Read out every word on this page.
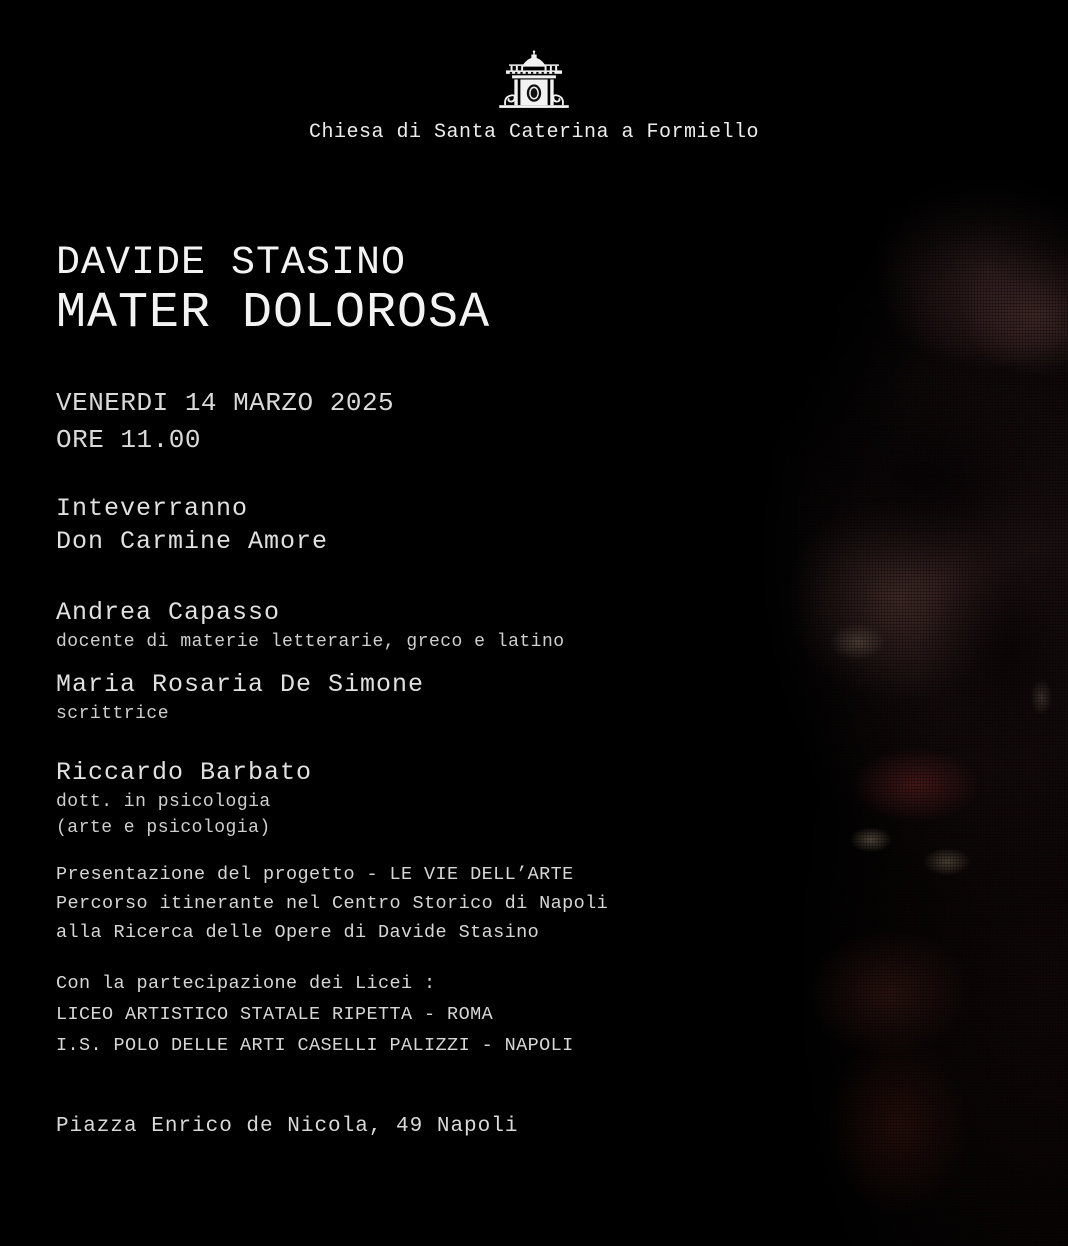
Chiesa di Santa Caterina a Formiello
DAVIDE STASINO
MATER DOLOROSA
VENERDI 14 MARZO 2025
ORE 11.00
Inteverranno
Don Carmine Amore
Andrea Capasso
docente di materie letterarie, greco e latino
Maria Rosaria De Simone
scrittrice
Riccardo Barbato
dott. in psicologia
(arte e psicologia)
Presentazione del progetto - LE VIE DELL’ARTE
Percorso itinerante nel Centro Storico di Napoli
alla Ricerca delle Opere di Davide Stasino
Con la partecipazione dei Licei :
LICEO ARTISTICO STATALE RIPETTA - ROMA
I.S. POLO DELLE ARTI CASELLI PALIZZI - NAPOLI
Piazza Enrico de Nicola, 49 Napoli
